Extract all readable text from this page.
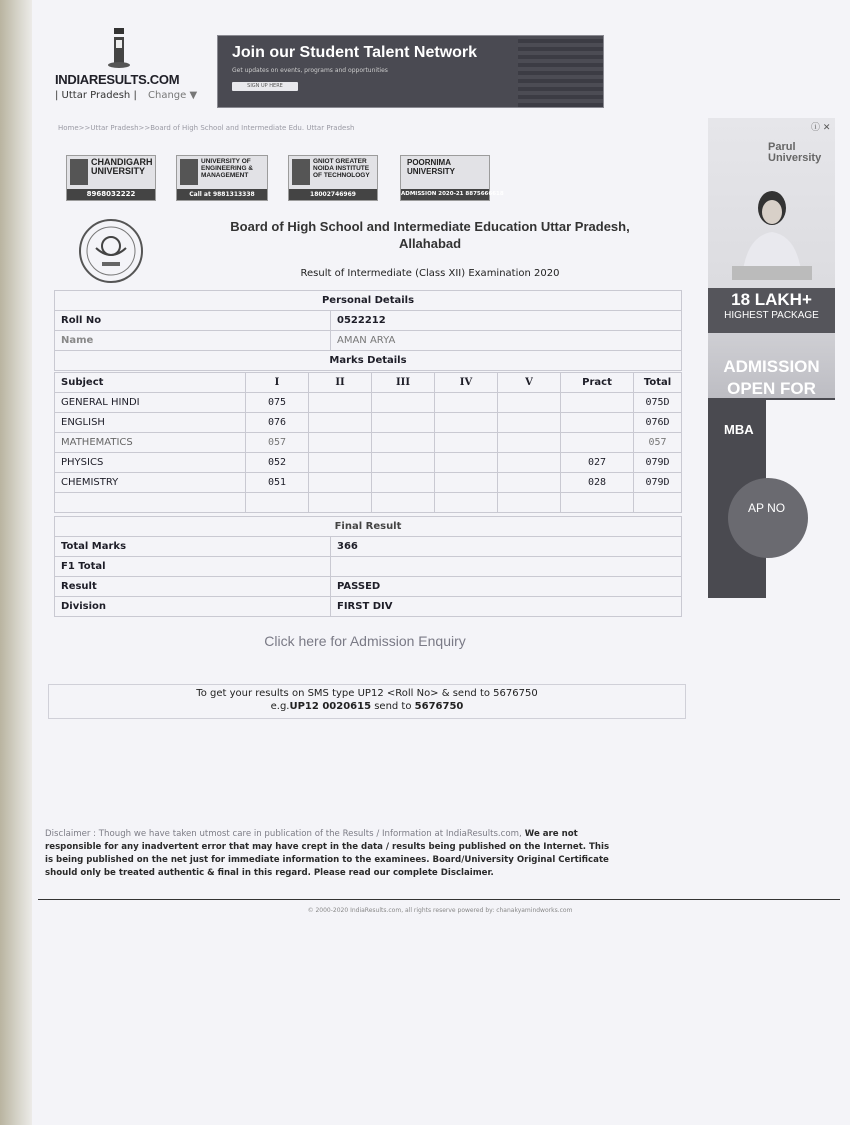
INDIARESULTS.COM
| Uttar Pradesh | Change ▼
Join our Student Talent Network
Get updates on events, programs and opportunities
SIGN UP HERE
Home>>Uttar Pradesh>>Board of High School and Intermediate Edu. Uttar Pradesh
CHANDIGARH UNIVERSITY
8968032222
UNIVERSITY OF ENGINEERING & MANAGEMENT
Call at 9881313338
GNIOT GREATER NOIDA INSTITUTE OF TECHNOLOGY
18002746969
POORNIMA UNIVERSITY
ADMISSION 2020-21 8875666618
Board of High School and Intermediate Education Uttar Pradesh,
Allahabad
Result of Intermediate (Class XII) Examination 2020
Personal Details	
Roll No	0522212
Name	AMAN ARYA
Marks Details	
Subject	I	II	III	IV	V	Pract	Total
GENERAL HINDI	075						075D
ENGLISH	076						076D
MATHEMATICS	057						057
PHYSICS	052					027	079D
CHEMISTRY	051					028	079D

Final Result	
Total Marks	366
F1 Total	
Result	PASSED
Division	FIRST DIV
Click here for Admission Enquiry
To get your results on SMS type UP12 <Roll No> & send to 5676750
e.g.UP12 0020615 send to 5676750
Disclaimer : Though we have taken utmost care in publication of the Results / Information at IndiaResults.com, We are not responsible for any inadvertent error that may have crept in the data / results being published on the Internet. This is being published on the net just for immediate information to the examinees. Board/University Original Certificate should only be treated authentic & final in this regard. Please read our complete Disclaimer.
© 2000-2020 IndiaResults.com, all rights reserve powered by: chanakyamindworks.com
ⓘ ✕
Parul University
18 LAKH+
HIGHEST PACKAGE
ADMISSION OPEN FOR
MBA
AP NO
